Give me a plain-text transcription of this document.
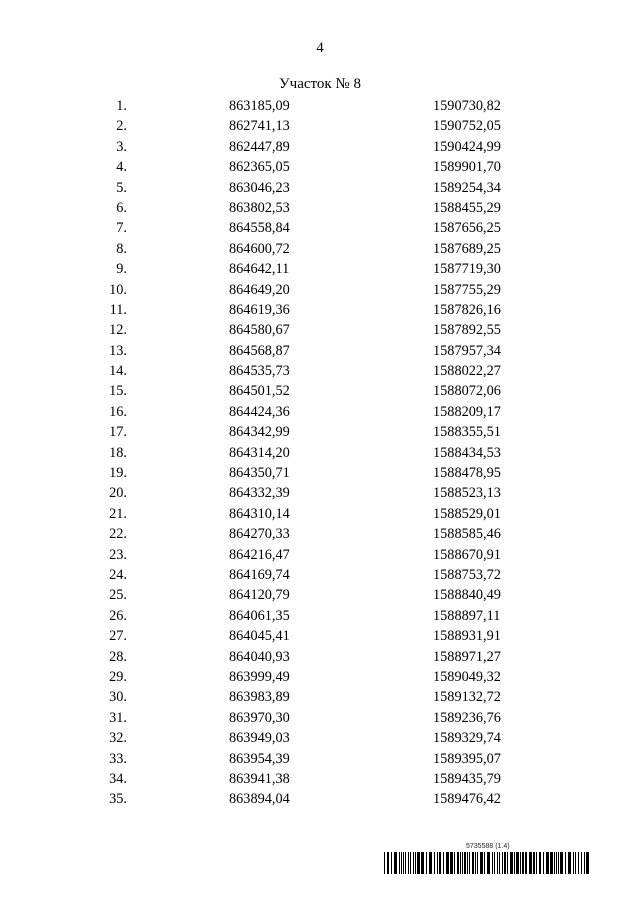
4
Участок № 8
1.	863185,09	1590730,82
2.	862741,13	1590752,05
3.	862447,89	1590424,99
4.	862365,05	1589901,70
5.	863046,23	1589254,34
6.	863802,53	1588455,29
7.	864558,84	1587656,25
8.	864600,72	1587689,25
9.	864642,11	1587719,30
10.	864649,20	1587755,29
11.	864619,36	1587826,16
12.	864580,67	1587892,55
13.	864568,87	1587957,34
14.	864535,73	1588022,27
15.	864501,52	1588072,06
16.	864424,36	1588209,17
17.	864342,99	1588355,51
18.	864314,20	1588434,53
19.	864350,71	1588478,95
20.	864332,39	1588523,13
21.	864310,14	1588529,01
22.	864270,33	1588585,46
23.	864216,47	1588670,91
24.	864169,74	1588753,72
25.	864120,79	1588840,49
26.	864061,35	1588897,11
27.	864045,41	1588931,91
28.	864040,93	1588971,27
29.	863999,49	1589049,32
30.	863983,89	1589132,72
31.	863970,30	1589236,76
32.	863949,03	1589329,74
33.	863954,39	1589395,07
34.	863941,38	1589435,79
35.	863894,04	1589476,42
5735588 (1.4)
